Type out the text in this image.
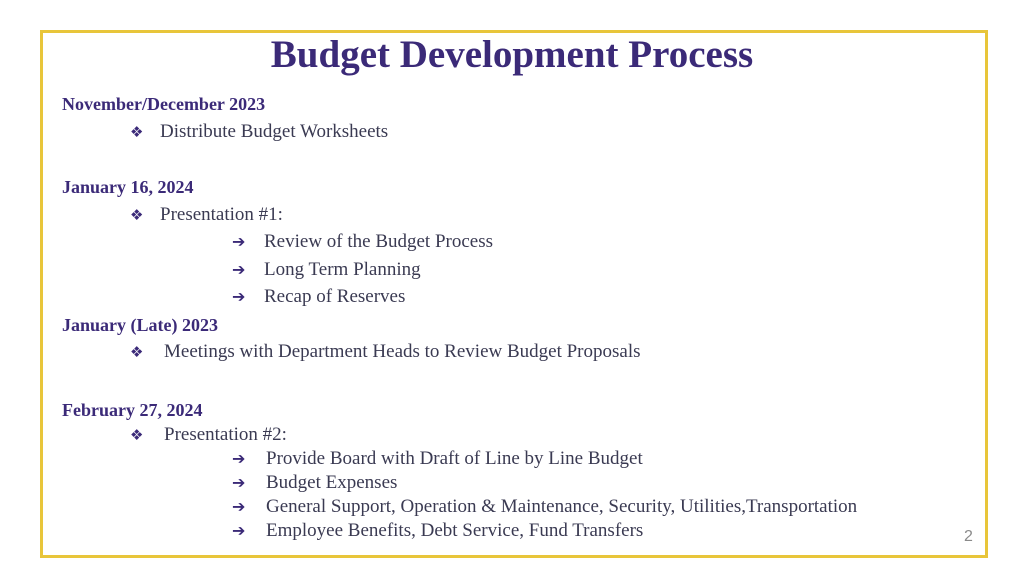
Budget Development Process
November/December 2023
❖ Distribute Budget Worksheets
January 16, 2024
❖ Presentation #1:
➔ Review of the Budget Process
➔ Long Term Planning
➔ Recap of Reserves
January (Late) 2023
❖ Meetings with Department Heads to Review Budget Proposals
February 27, 2024
❖ Presentation #2:
➔ Provide Board with Draft of Line by Line Budget
➔ Budget Expenses
➔ General Support, Operation & Maintenance, Security, Utilities,Transportation
➔ Employee Benefits, Debt Service, Fund Transfers	2
